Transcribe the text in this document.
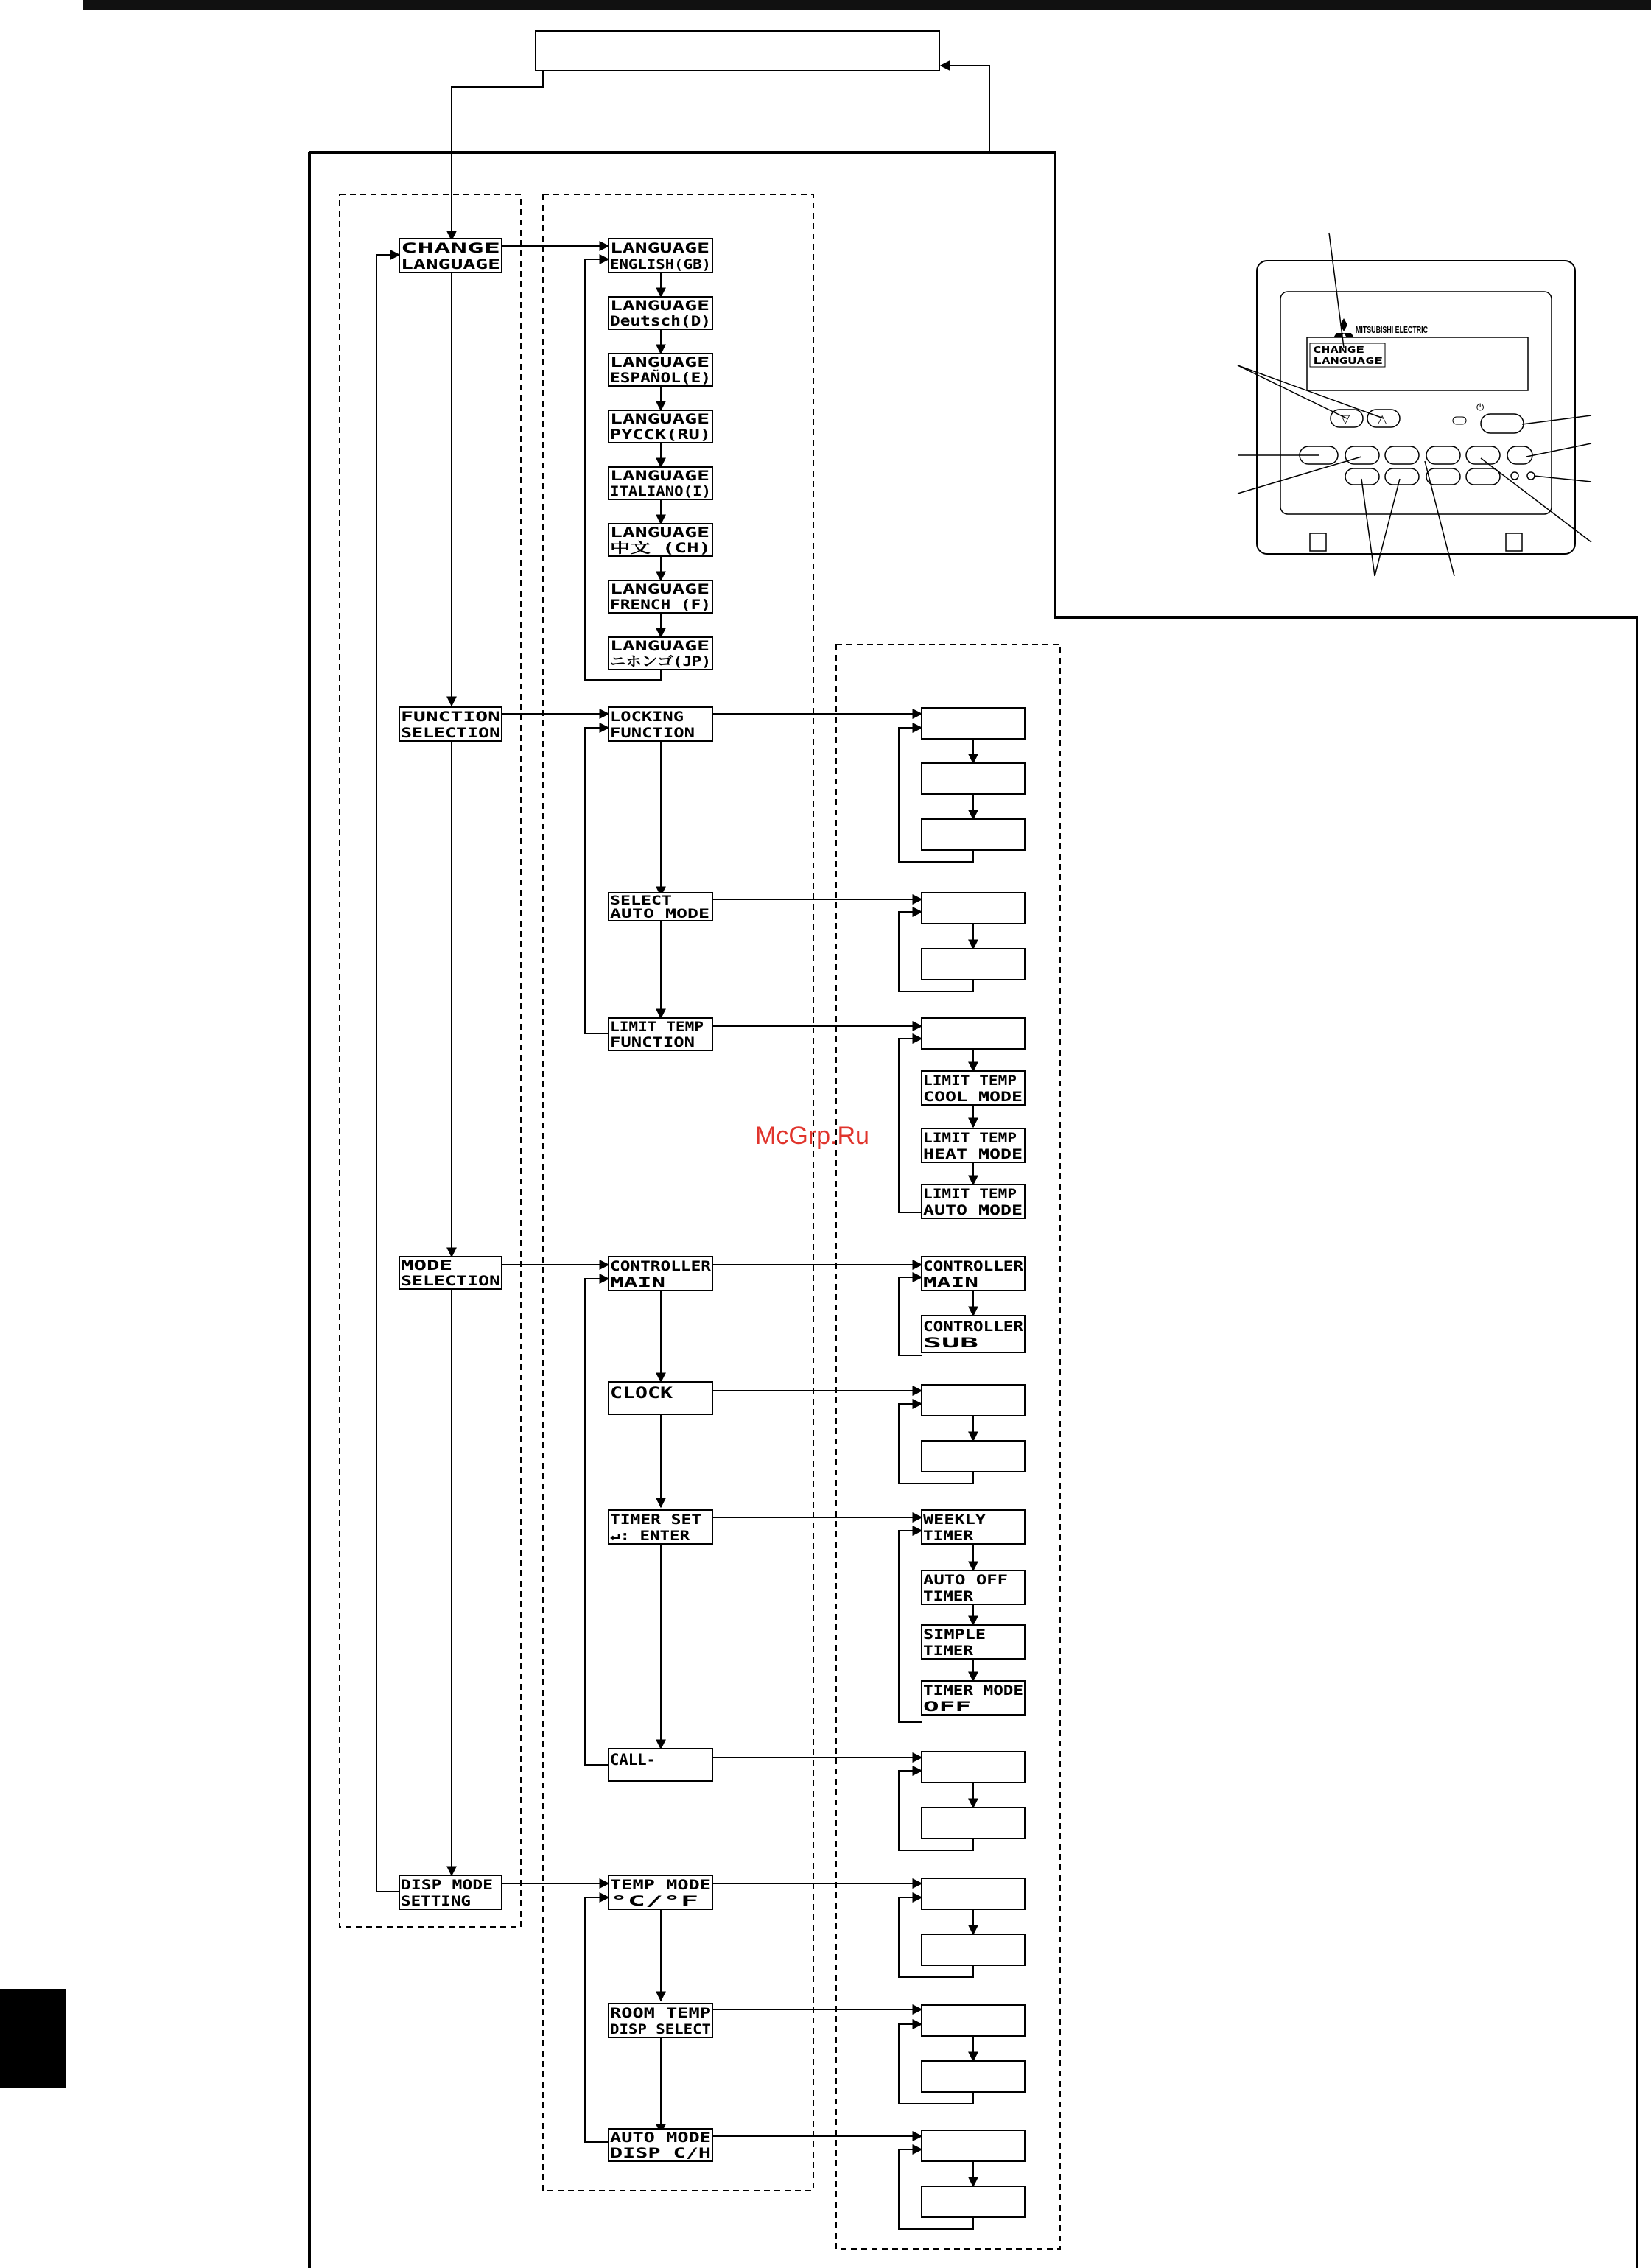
CHANGE
LANGUAGE
FUNCTION
SELECTION
MODE
SELECTION
DISP MODE
SETTING
LANGUAGE
ENGLISH(GB)
LANGUAGE
Deutsch(D)
LANGUAGE
ESPAÑOL(E)
LANGUAGE
PYCCK(RU)
LANGUAGE
ITALIANO(I)
LANGUAGE
中文 (CH)
LANGUAGE
FRENCH (F)
LANGUAGE
ニホンゴ(JP)
LOCKING
FUNCTION
SELECT
AUTO MODE
LIMIT TEMP
FUNCTION
CONTROLLER
MAIN
CLOCK
TIMER SET
↵: ENTER
CALL-
TEMP MODE
°C/°F
ROOM TEMP
DISP SELECT
AUTO MODE
DISP C/H
LIMIT TEMP
COOL MODE
LIMIT TEMP
HEAT MODE
LIMIT TEMP
AUTO MODE
CONTROLLER
MAIN
CONTROLLER
SUB
WEEKLY
TIMER
AUTO OFF
TIMER
SIMPLE
TIMER
TIMER MODE
OFF
MITSUBISHI ELECTRIC
CHANGE
LANGUAGE
▽ △
⏻
McGrp.Ru
